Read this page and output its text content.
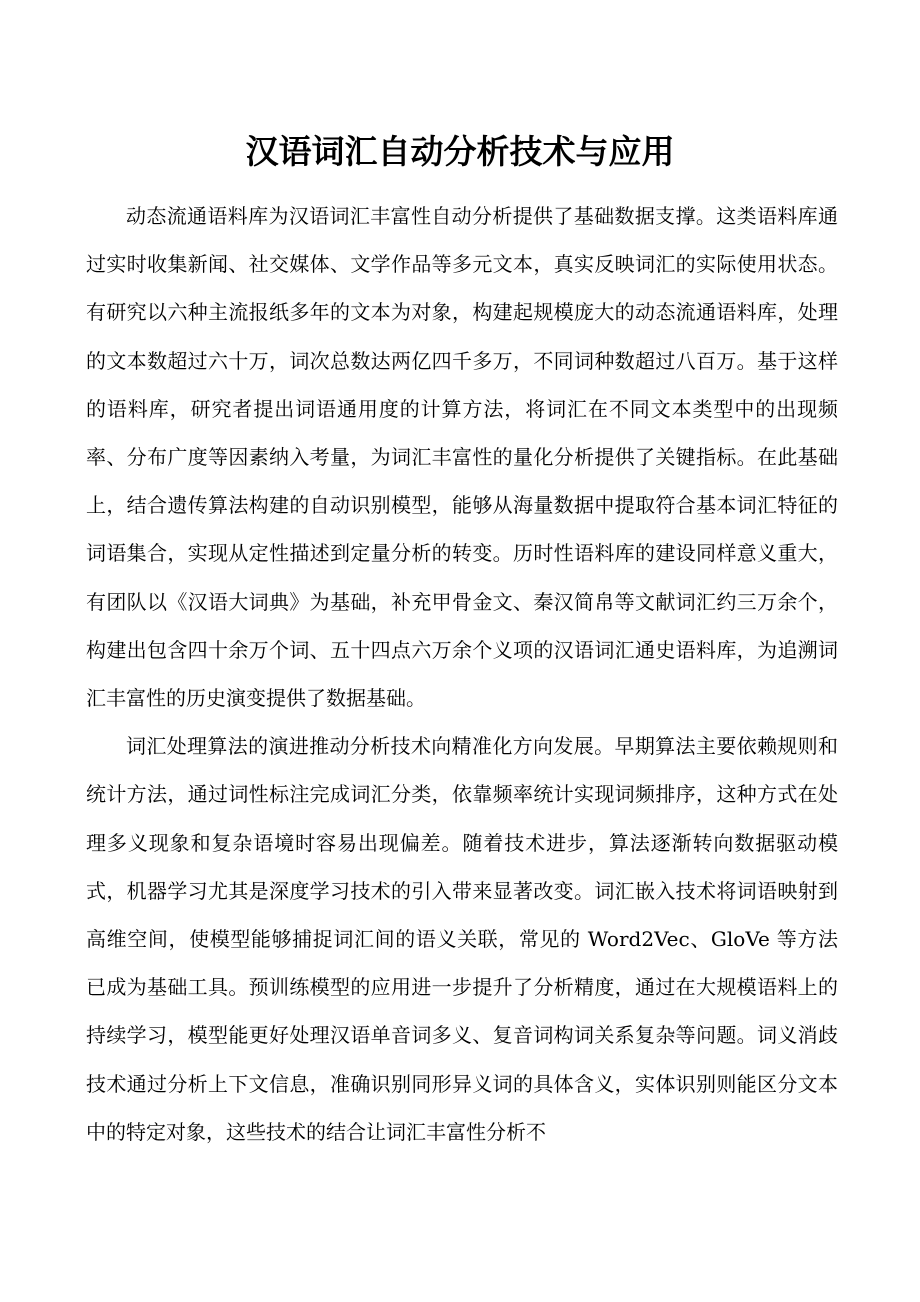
汉语词汇自动分析技术与应用

动态流通语料库为汉语词汇丰富性自动分析提供了基础数据支撑。这类语料库通过实时收集新闻、社交媒体、文学作品等多元文本，真实反映词汇的实际使用状态。有研究以六种主流报纸多年的文本为对象，构建起规模庞大的动态流通语料库，处理的文本数超过六十万，词次总数达两亿四千多万，不同词种数超过八百万。基于这样的语料库，研究者提出词语通用度的计算方法，将词汇在不同文本类型中的出现频率、分布广度等因素纳入考量，为词汇丰富性的量化分析提供了关键指标。在此基础上，结合遗传算法构建的自动识别模型，能够从海量数据中提取符合基本词汇特征的词语集合，实现从定性描述到定量分析的转变。历时性语料库的建设同样意义重大，有团队以《汉语大词典》为基础，补充甲骨金文、秦汉简帛等文献词汇约三万余个，构建出包含四十余万个词、五十四点六万余个义项的汉语词汇通史语料库，为追溯词汇丰富性的历史演变提供了数据基础。

词汇处理算法的演进推动分析技术向精准化方向发展。早期算法主要依赖规则和统计方法，通过词性标注完成词汇分类，依靠频率统计实现词频排序，这种方式在处理多义现象和复杂语境时容易出现偏差。随着技术进步，算法逐渐转向数据驱动模式，机器学习尤其是深度学习技术的引入带来显著改变。词汇嵌入技术将词语映射到高维空间，使模型能够捕捉词汇间的语义关联，常见的 Word2Vec、GloVe 等方法已成为基础工具。预训练模型的应用进一步提升了分析精度，通过在大规模语料上的持续学习，模型能更好处理汉语单音词多义、复音词构词关系复杂等问题。词义消歧技术通过分析上下文信息，准确识别同形异义词的具体含义，实体识别则能区分文本中的特定对象，这些技术的结合让词汇丰富性分析不
